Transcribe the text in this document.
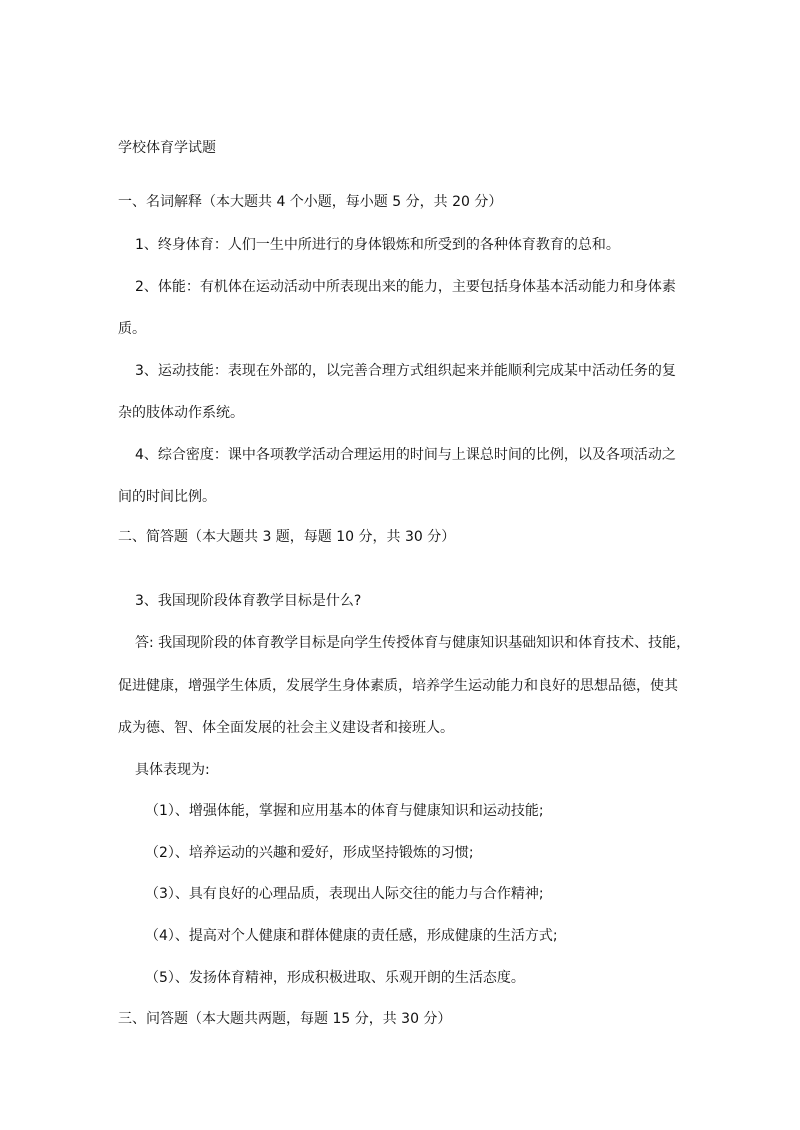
学校体育学试题
一、名词解释（本大题共 4 个小题，每小题 5 分，共 20 分）
1、终身体育：人们一生中所进行的身体锻炼和所受到的各种体育教育的总和。
2、体能：有机体在运动活动中所表现出来的能力，主要包括身体基本活动能力和身体素
质。
3、运动技能：表现在外部的，以完善合理方式组织起来并能顺利完成某中活动任务的复
杂的肢体动作系统。
4、综合密度：课中各项教学活动合理运用的时间与上课总时间的比例，以及各项活动之
间的时间比例。
二、简答题（本大题共 3 题，每题 10 分，共 30 分）
3、我国现阶段体育教学目标是什么?
答: 我国现阶段的体育教学目标是向学生传授体育与健康知识基础知识和体育技术、技能，
促进健康，增强学生体质，发展学生身体素质，培养学生运动能力和良好的思想品德，使其
成为德、智、体全面发展的社会主义建设者和接班人。
具体表现为:
（1）、增强体能，掌握和应用基本的体育与健康知识和运动技能;
（2）、培养运动的兴趣和爱好，形成坚持锻炼的习惯;
（3）、具有良好的心理品质，表现出人际交往的能力与合作精神;
（4）、提高对个人健康和群体健康的责任感，形成健康的生活方式;
（5）、发扬体育精神，形成积极进取、乐观开朗的生活态度。
三、问答题（本大题共两题，每题 15 分，共 30 分）
